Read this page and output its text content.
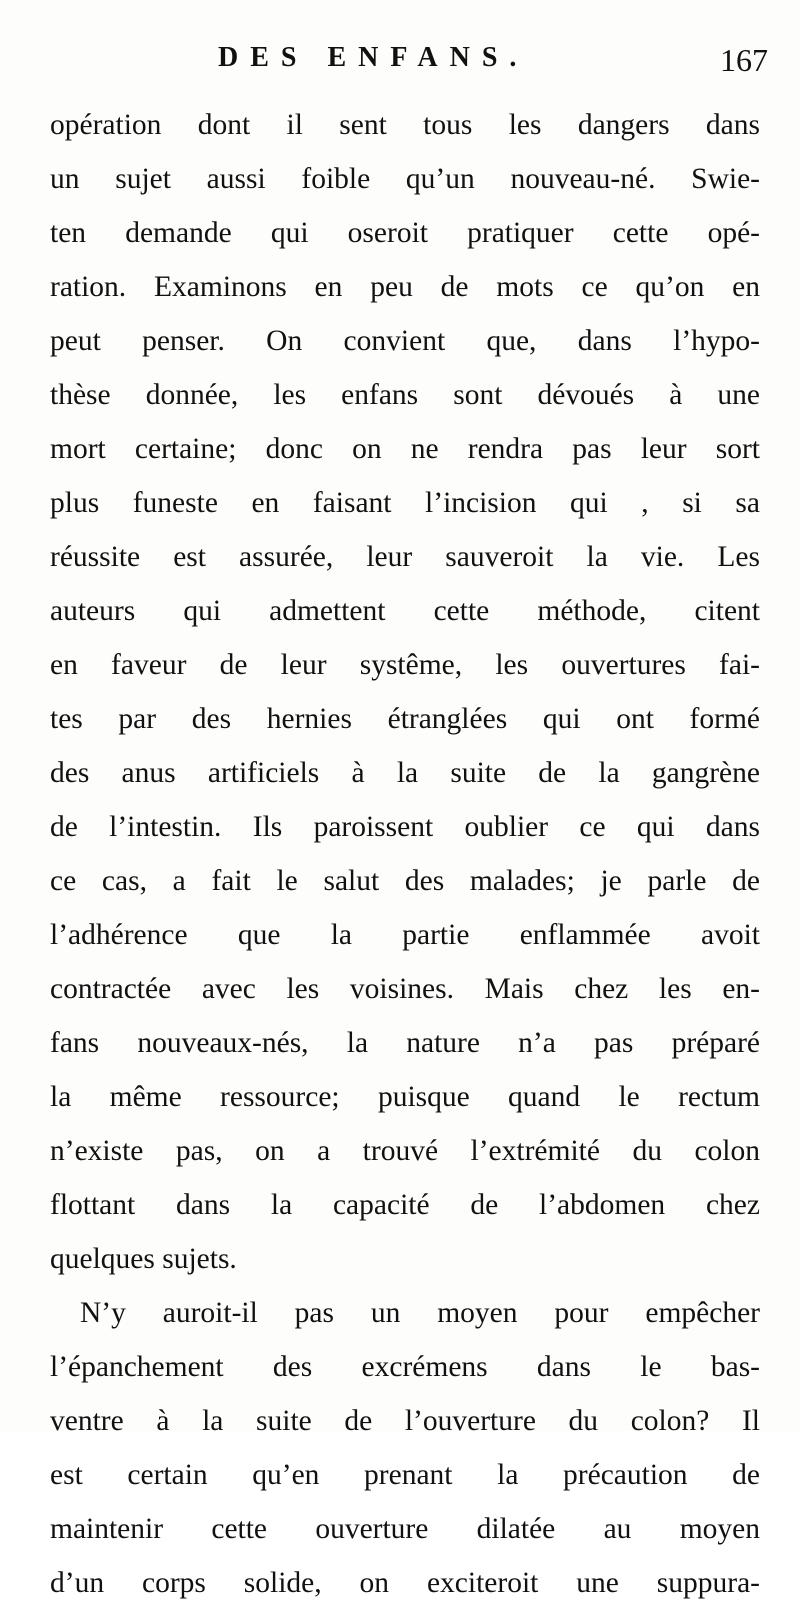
DES ENFANS.	167
opération dont il sent tous les dangers dans
un sujet aussi foible qu’un nouveau-né. Swie-
ten demande qui oseroit pratiquer cette opé-
ration. Examinons en peu de mots ce qu’on en
peut penser. On convient que, dans l’hypo-
thèse donnée, les enfans sont dévoués à une
mort certaine; donc on ne rendra pas leur sort
plus funeste en faisant l’incision qui , si sa
réussite est assurée, leur sauveroit la vie. Les
auteurs qui admettent cette méthode, citent
en faveur de leur systême, les ouvertures fai-
tes par des hernies étranglées qui ont formé
des anus artificiels à la suite de la gangrène
de l’intestin. Ils paroissent oublier ce qui dans
ce cas, a fait le salut des malades; je parle de
l’adhérence que la partie enflammée avoit
contractée avec les voisines. Mais chez les en-
fans nouveaux-nés, la nature n’a pas préparé
la même ressource; puisque quand le rectum
n’existe pas, on a trouvé l’extrémité du colon
flottant dans la capacité de l’abdomen chez
quelques sujets.
N’y auroit-il pas un moyen pour empêcher
l’épanchement des excrémens dans le bas-
ventre à la suite de l’ouverture du colon? Il
est certain qu’en prenant la précaution de
maintenir cette ouverture dilatée au moyen
d’un corps solide, on exciteroit une suppura-
